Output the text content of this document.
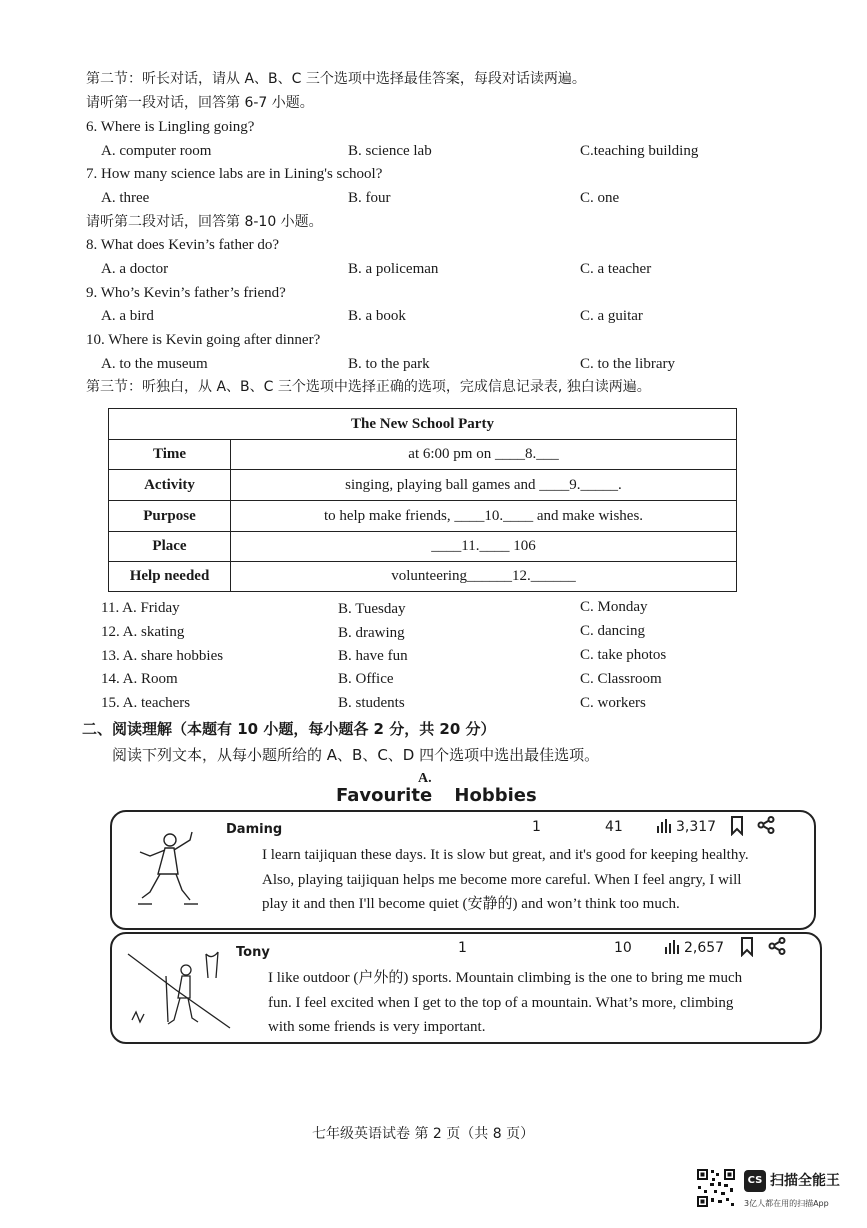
第二节：听长对话，请从 A、B、C 三个选项中选择最佳答案，每段对话读两遍。
请听第一段对话，回答第 6-7 小题。
6. Where is Lingling going?
A. computer room	B. science lab	C.teaching building
7. How many science labs are in Lining's school?
A. three	B. four	C. one
请听第二段对话，回答第 8-10 小题。
8. What does Kevin’s father do?
A. a doctor	B. a policeman	C. a teacher
9. Who’s Kevin’s father’s friend?
A. a bird	B. a book	C. a guitar
10. Where is Kevin going after dinner?
A. to the museum	B. to the park	C. to the library
第三节：听独白，从 A、B、C 三个选项中选择正确的选项，完成信息记录表, 独白读两遍。
The New School Party	
Time	at 6:00 pm on ____8.___
Activity	singing, playing ball games and ____9._____.
Purpose	to help make friends, ____10.____ and make wishes.
Place	____11.____ 106
Help needed	volunteering______12.______
11. A. Friday	B. Tuesday	C. Monday
12. A. skating	B. drawing	C. dancing
13. A. share hobbies	B. have fun	C. take photos
14. A. Room	B. Office	C. Classroom
15. A. teachers	B. students	C. workers
二、阅读理解（本题有 10 小题，每小题各 2 分，共 20 分）
阅读下列文本，从每小题所给的 A、B、C、D 四个选项中选出最佳选项。
A.
Favourite Hobbies
Daming	1	41	3,317
I learn taijiquan these days. It is slow but great, and it's good for keeping healthy.
Also, playing taijiquan helps me become more careful. When I feel angry, I will
play it and then I'll become quiet (安静的) and won’t think too much.
Tony	1	10	2,657
I like outdoor (户外的) sports. Mountain climbing is the one to bring me much
fun. I feel excited when I get to the top of a mountain. What’s more, climbing
with some friends is very important.
七年级英语试卷 第 2 页（共 8 页）
CS 扫描全能王
3亿人都在用的扫描App
